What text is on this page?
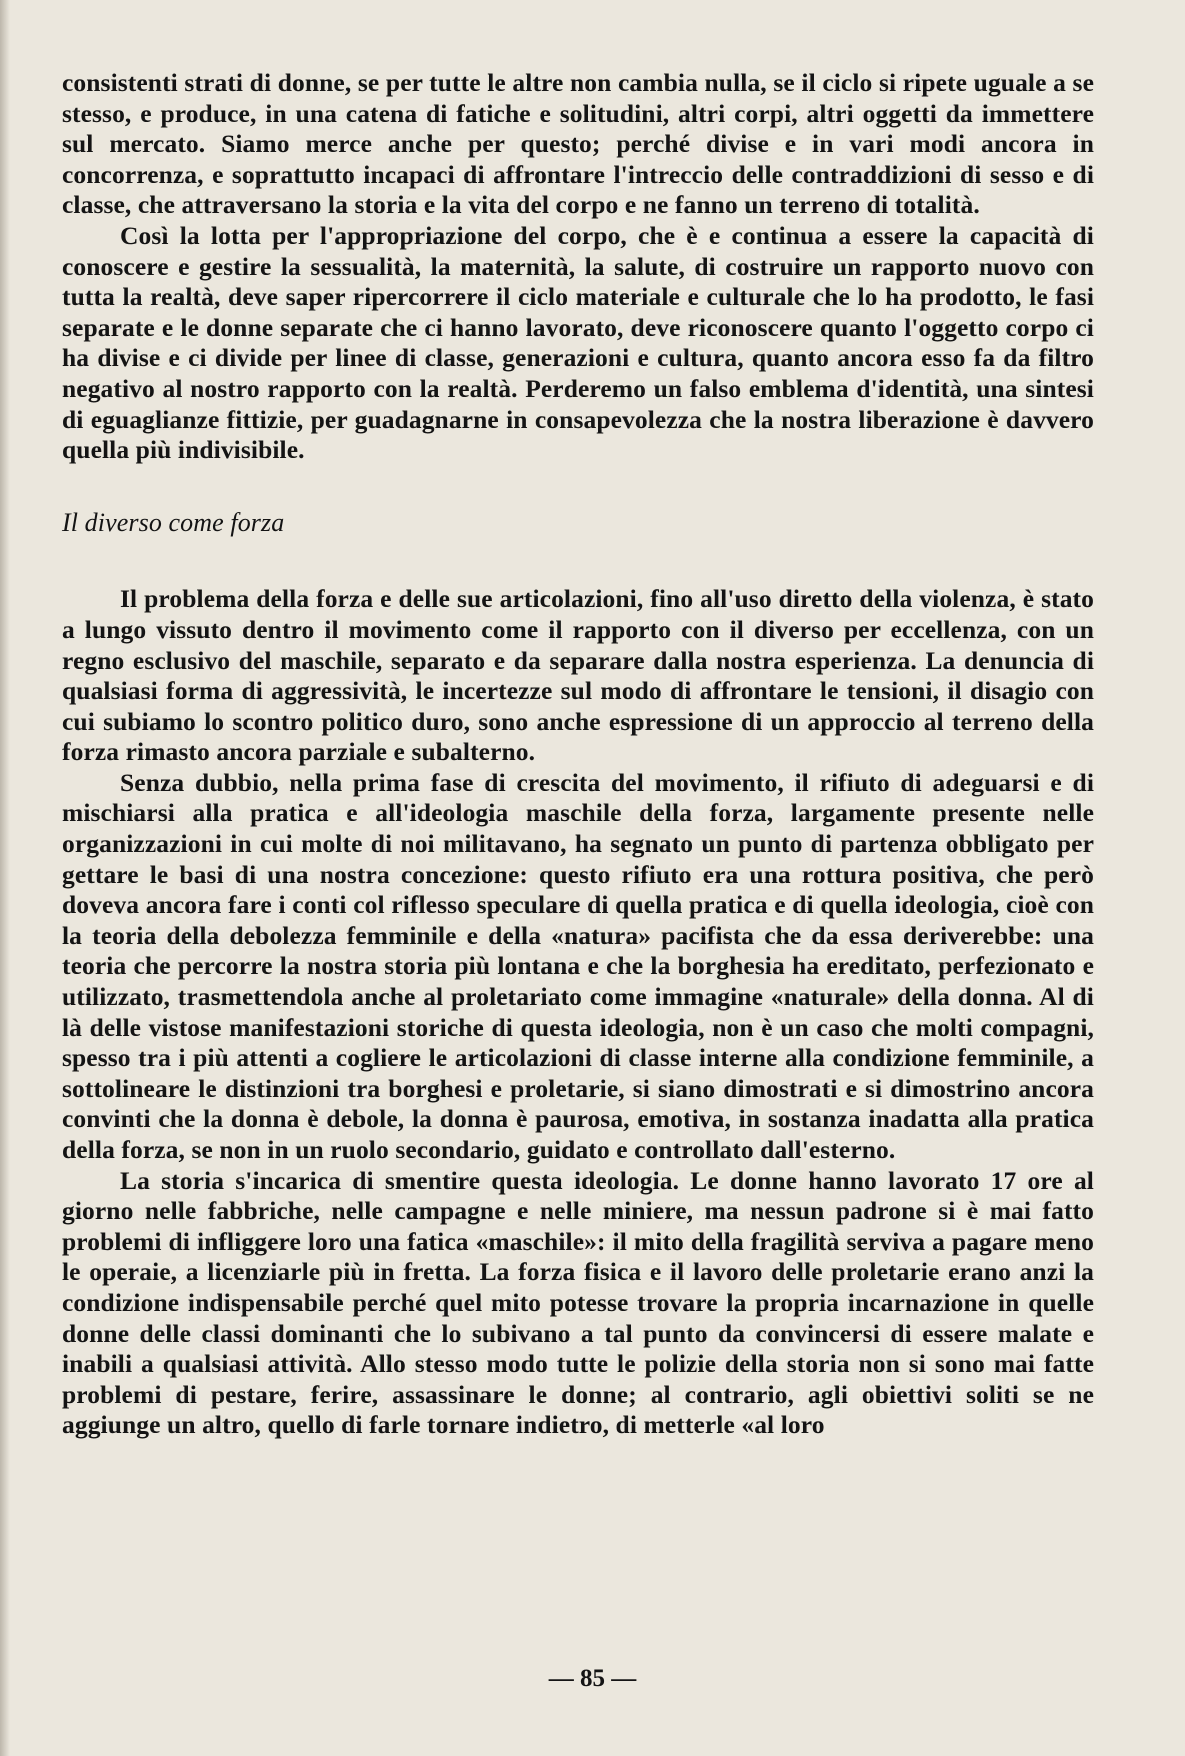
consistenti strati di donne, se per tutte le altre non cambia nulla, se il ciclo si ripete uguale a se stesso, e produce, in una catena di fatiche e solitudini, altri corpi, altri oggetti da immettere sul mercato. Siamo merce anche per questo; perché divise e in vari modi ancora in concorrenza, e soprattutto incapaci di affrontare l'intreccio delle contraddizioni di sesso e di classe, che attraversano la storia e la vita del corpo e ne fanno un terreno di totalità.

Così la lotta per l'appropriazione del corpo, che è e continua a essere la capacità di conoscere e gestire la sessualità, la maternità, la salute, di costruire un rapporto nuovo con tutta la realtà, deve saper ripercorrere il ciclo materiale e culturale che lo ha prodotto, le fasi separate e le donne separate che ci hanno lavorato, deve riconoscere quanto l'oggetto corpo ci ha divise e ci divide per linee di classe, generazioni e cultura, quanto ancora esso fa da filtro negativo al nostro rapporto con la realtà. Perderemo un falso emblema d'identità, una sintesi di eguaglianze fittizie, per guadagnarne in consapevolezza che la nostra liberazione è davvero quella più indivisibile.

Il diverso come forza

Il problema della forza e delle sue articolazioni, fino all'uso diretto della violenza, è stato a lungo vissuto dentro il movimento come il rapporto con il diverso per eccellenza, con un regno esclusivo del maschile, separato e da separare dalla nostra esperienza. La denuncia di qualsiasi forma di aggressività, le incertezze sul modo di affrontare le tensioni, il disagio con cui subiamo lo scontro politico duro, sono anche espressione di un approccio al terreno della forza rimasto ancora parziale e subalterno.

Senza dubbio, nella prima fase di crescita del movimento, il rifiuto di adeguarsi e di mischiarsi alla pratica e all'ideologia maschile della forza, largamente presente nelle organizzazioni in cui molte di noi militavano, ha segnato un punto di partenza obbligato per gettare le basi di una nostra concezione: questo rifiuto era una rottura positiva, che però doveva ancora fare i conti col riflesso speculare di quella pratica e di quella ideologia, cioè con la teoria della debolezza femminile e della «natura» pacifista che da essa deriverebbe: una teoria che percorre la nostra storia più lontana e che la borghesia ha ereditato, perfezionato e utilizzato, trasmettendola anche al proletariato come immagine «naturale» della donna. Al di là delle vistose manifestazioni storiche di questa ideologia, non è un caso che molti compagni, spesso tra i più attenti a cogliere le articolazioni di classe interne alla condizione femminile, a sottolineare le distinzioni tra borghesi e proletarie, si siano dimostrati e si dimostrino ancora convinti che la donna è debole, la donna è paurosa, emotiva, in sostanza inadatta alla pratica della forza, se non in un ruolo secondario, guidato e controllato dall'esterno.

La storia s'incarica di smentire questa ideologia. Le donne hanno lavorato 17 ore al giorno nelle fabbriche, nelle campagne e nelle miniere, ma nessun padrone si è mai fatto problemi di infliggere loro una fatica «maschile»: il mito della fragilità serviva a pagare meno le operaie, a licenziarle più in fretta. La forza fisica e il lavoro delle proletarie erano anzi la condizione indispensabile perché quel mito potesse trovare la propria incarnazione in quelle donne delle classi dominanti che lo subivano a tal punto da convincersi di essere malate e inabili a qualsiasi attività. Allo stesso modo tutte le polizie della storia non si sono mai fatte problemi di pestare, ferire, assassinare le donne; al contrario, agli obiettivi soliti se ne aggiunge un altro, quello di farle tornare indietro, di metterle «al loro

— 85 —
